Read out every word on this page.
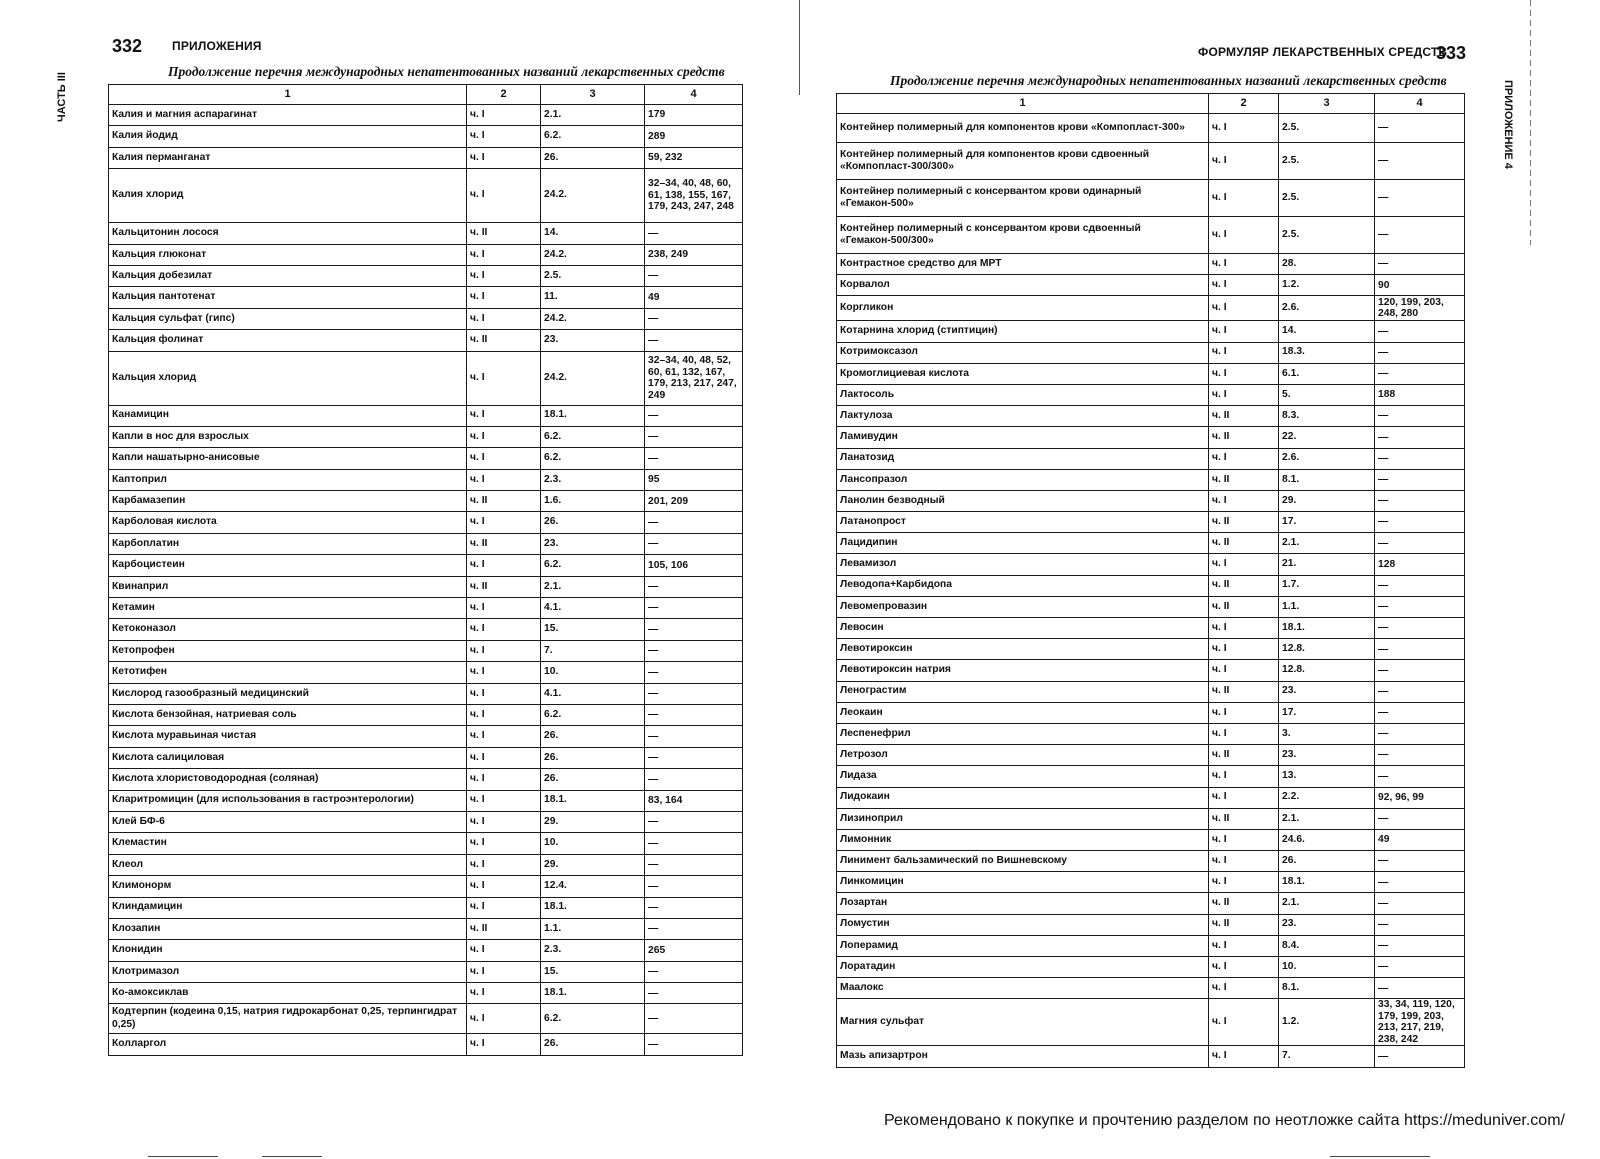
332 ПРИЛОЖЕНИЯ
ЧАСТЬ III
Продолжение перечня международных непатентованных названий лекарственных средств
1	2	3	4
Калия и магния аспарагинат	ч. I	2.1.	179
Калия йодид	ч. I	6.2.	289
Калия перманганат	ч. I	26.	59, 232
Калия хлорид	ч. I	24.2.	32–34, 40, 48, 60, 61, 138, 155, 167, 179, 243, 247, 248
Кальцитонин лосося	ч. II	14.	—
Кальция глюконат	ч. I	24.2.	238, 249
Кальция добезилат	ч. I	2.5.	—
Кальция пантотенат	ч. I	11.	49
Кальция сульфат (гипс)	ч. I	24.2.	—
Кальция фолинат	ч. II	23.	—
Кальция хлорид	ч. I	24.2.	32–34, 40, 48, 52, 60, 61, 132, 167, 179, 213, 217, 247, 249
Канамицин	ч. I	18.1.	—
Капли в нос для взрослых	ч. I	6.2.	—
Капли нашатырно-анисовые	ч. I	6.2.	—
Каптоприл	ч. I	2.3.	95
Карбамазепин	ч. II	1.6.	201, 209
Карболовая кислота	ч. I	26.	—
Карбоплатин	ч. II	23.	—
Карбоцистеин	ч. I	6.2.	105, 106
Квинаприл	ч. II	2.1.	—
Кетамин	ч. I	4.1.	—
Кетоконазол	ч. I	15.	—
Кетопрофен	ч. I	7.	—
Кетотифен	ч. I	10.	—
Кислород газообразный медицинский	ч. I	4.1.	—
Кислота бензойная, натриевая соль	ч. I	6.2.	—
Кислота муравьиная чистая	ч. I	26.	—
Кислота салициловая	ч. I	26.	—
Кислота хлористоводородная (соляная)	ч. I	26.	—
Кларитромицин (для использования в гастроэнтерологии)	ч. I	18.1.	83, 164
Клей БФ-6	ч. I	29.	—
Клемастин	ч. I	10.	—
Клеол	ч. I	29.	—
Климонорм	ч. I	12.4.	—
Клиндамицин	ч. I	18.1.	—
Клозапин	ч. II	1.1.	—
Клонидин	ч. I	2.3.	265
Клотримазол	ч. I	15.	—
Ко-амоксиклав	ч. I	18.1.	—
Кодтерпин (кодеина 0,15, натрия гидрокарбонат 0,25, терпингидрат 0,25)	ч. I	6.2.	—
Колларгол	ч. I	26.	—
ФОРМУЛЯР ЛЕКАРСТВЕННЫХ СРЕДСТВ
333
ПРИЛОЖЕНИЕ 4
Продолжение перечня международных непатентованных названий лекарственных средств
1	2	3	4
Контейнер полимерный для компонентов крови «Компопласт-300»	ч. I	2.5.	—
Контейнер полимерный для компонентов крови сдвоенный «Компопласт-300/300»	ч. I	2.5.	—
Контейнер полимерный с консервантом крови одинарный «Гемакон-500»	ч. I	2.5.	—
Контейнер полимерный с консервантом крови сдвоенный «Гемакон-500/300»	ч. I	2.5.	—
Контрастное средство для МРТ	ч. I	28.	—
Корвалол	ч. I	1.2.	90
Коргликон	ч. I	2.6.	120, 199, 203, 248, 280
Котарнина хлорид (стиптицин)	ч. I	14.	—
Котримоксазол	ч. I	18.3.	—
Кромоглициевая кислота	ч. I	6.1.	—
Лактосоль	ч. I	5.	188
Лактулоза	ч. II	8.3.	—
Ламивудин	ч. II	22.	—
Ланатозид	ч. I	2.6.	—
Лансопразол	ч. II	8.1.	—
Ланолин безводный	ч. I	29.	—
Латанопрост	ч. II	17.	—
Лацидипин	ч. II	2.1.	—
Левамизол	ч. I	21.	128
Леводопа+Карбидопа	ч. II	1.7.	—
Левомепровазин	ч. II	1.1.	—
Левосин	ч. I	18.1.	—
Левотироксин	ч. I	12.8.	—
Левотироксин натрия	ч. I	12.8.	—
Ленограстим	ч. II	23.	—
Леокаин	ч. I	17.	—
Леспенефрил	ч. I	3.	—
Летрозол	ч. II	23.	—
Лидаза	ч. I	13.	—
Лидокаин	ч. I	2.2.	92, 96, 99
Лизиноприл	ч. II	2.1.	—
Лимонник	ч. I	24.6.	49
Линимент бальзамический по Вишневскому	ч. I	26.	—
Линкомицин	ч. I	18.1.	—
Лозартан	ч. II	2.1.	—
Ломустин	ч. II	23.	—
Лоперамид	ч. I	8.4.	—
Лоратадин	ч. I	10.	—
Маалокс	ч. I	8.1.	—
Магния сульфат	ч. I	1.2.	33, 34, 119, 120, 179, 199, 203, 213, 217, 219, 238, 242
Мазь апизартрон	ч. I	7.	—
Рекомендовано к покупке и прочтению разделом по неотложке сайта https://meduniver.com/
